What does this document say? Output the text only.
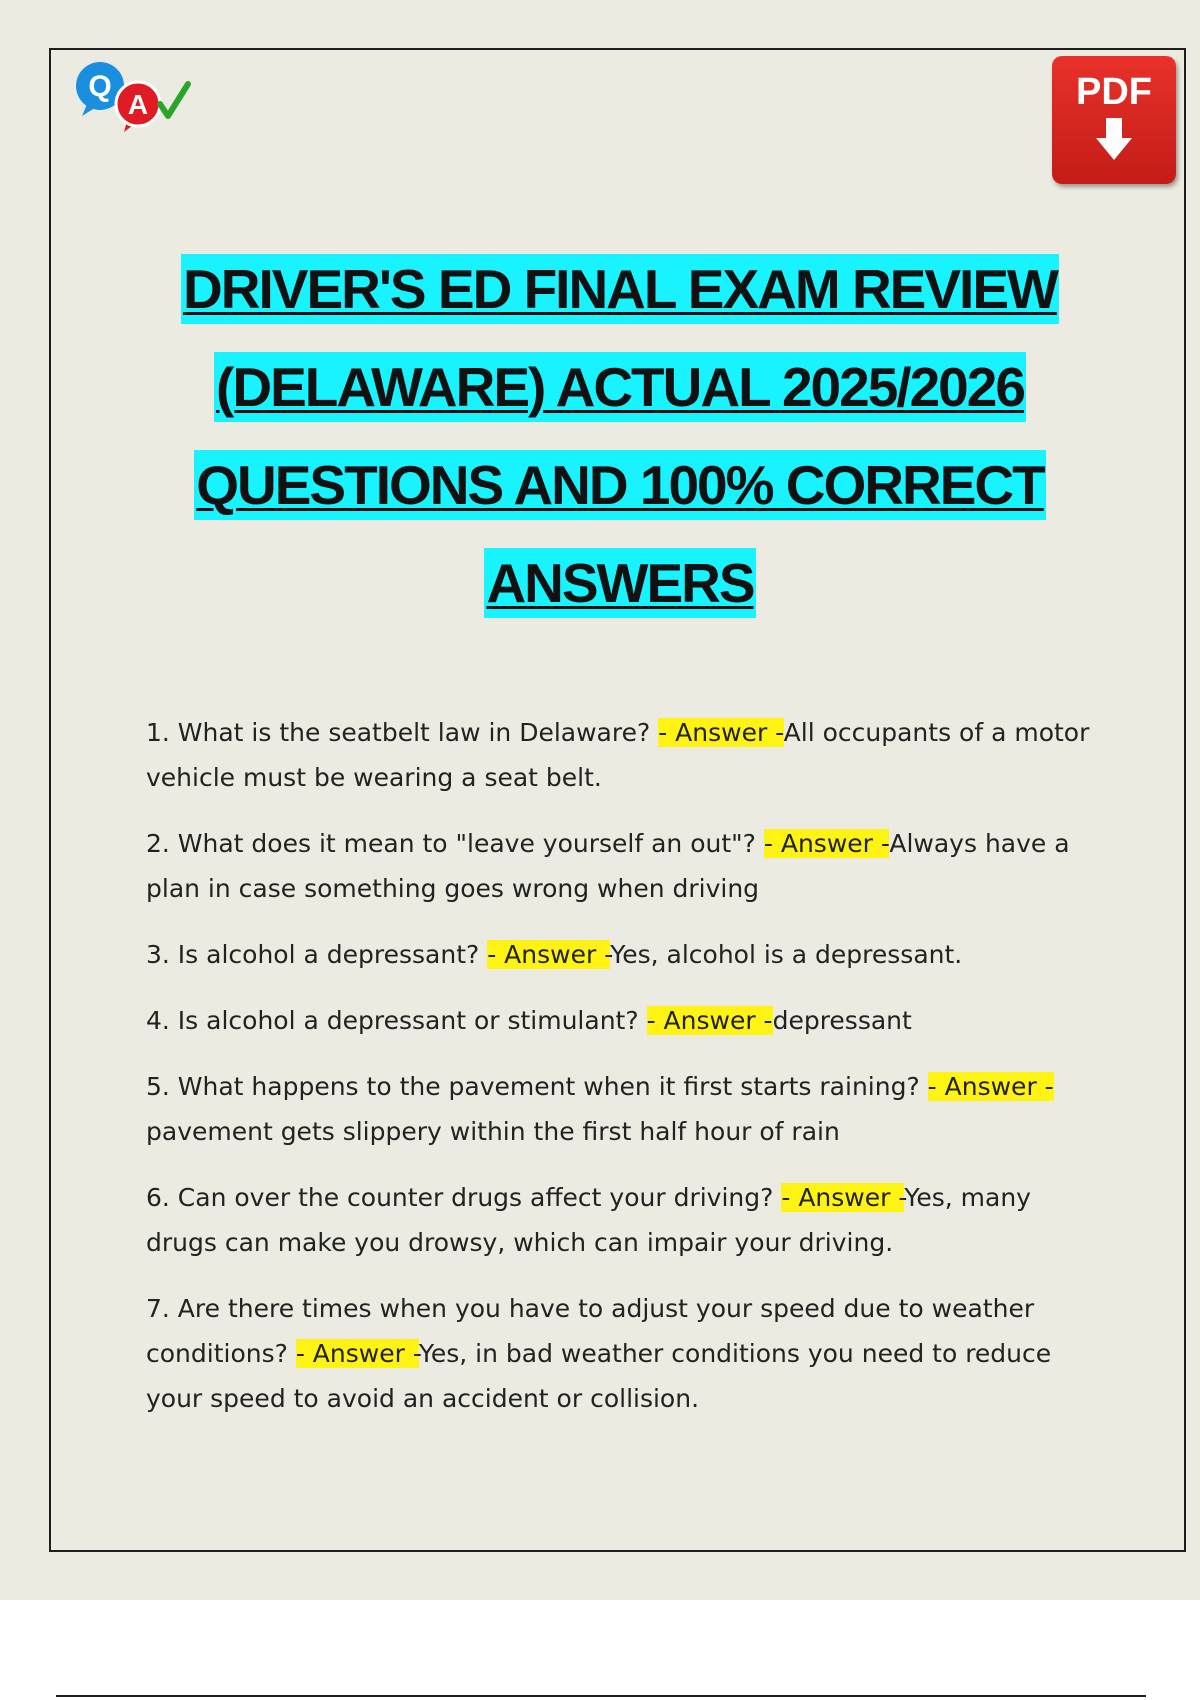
Q
A	PDF
DRIVER'S ED FINAL EXAM REVIEW
(DELAWARE) ACTUAL 2025/2026
QUESTIONS AND 100% CORRECT
ANSWERS
1. What is the seatbelt law in Delaware? - Answer -All occupants of a motor vehicle must be wearing a seat belt.
2. What does it mean to "leave yourself an out"? - Answer -Always have a plan in case something goes wrong when driving
3. Is alcohol a depressant? - Answer -Yes, alcohol is a depressant.
4. Is alcohol a depressant or stimulant? - Answer -depressant
5. What happens to the pavement when it first starts raining? - Answer -pavement gets slippery within the first half hour of rain
6. Can over the counter drugs affect your driving? - Answer -Yes, many drugs can make you drowsy, which can impair your driving.
7. Are there times when you have to adjust your speed due to weather conditions? - Answer -Yes, in bad weather conditions you need to reduce your speed to avoid an accident or collision.
